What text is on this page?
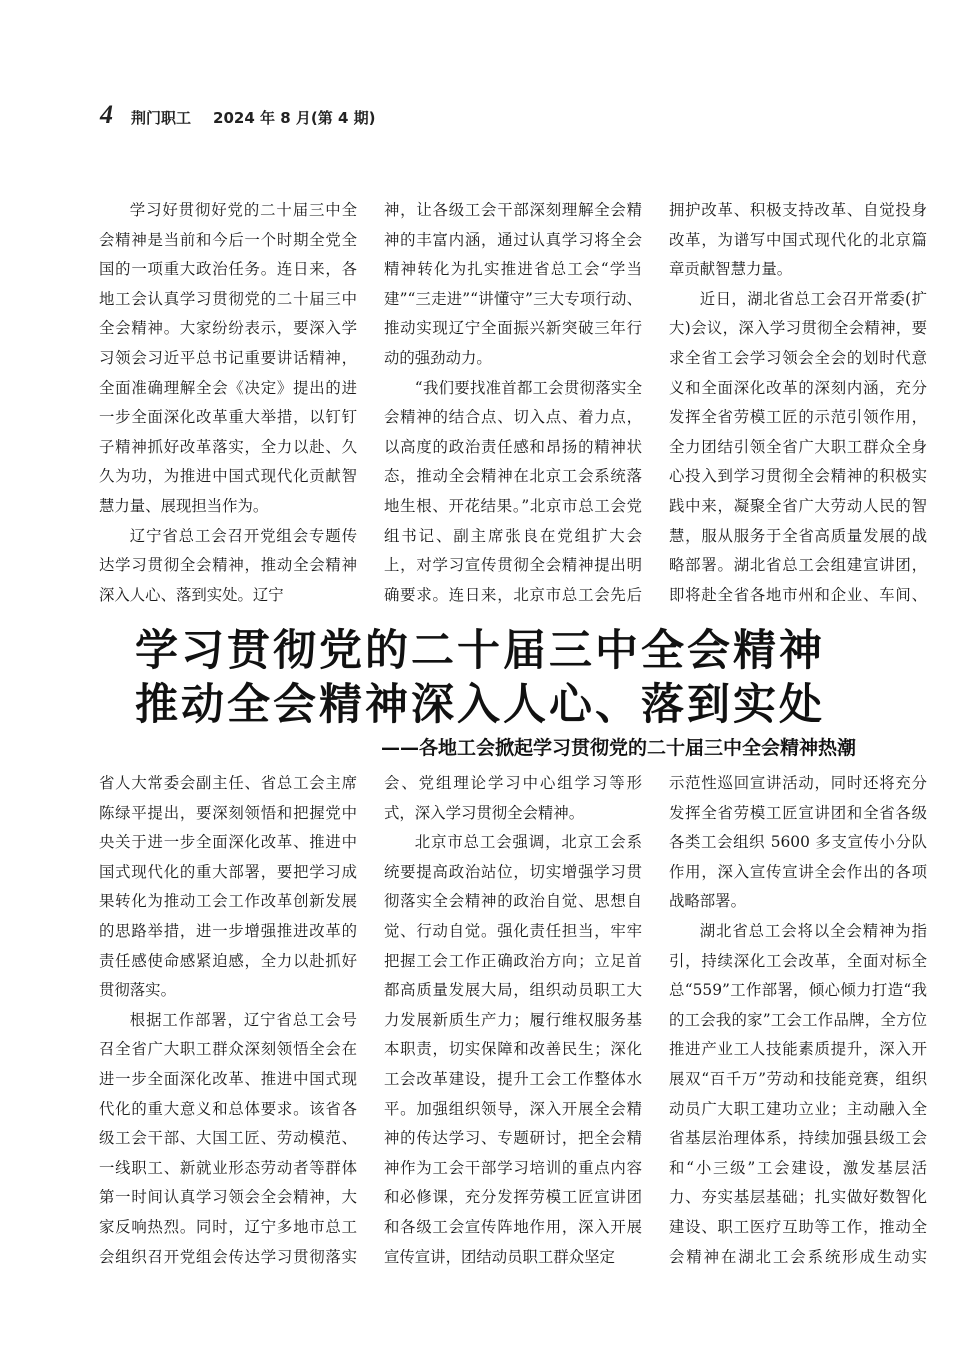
4 荆门职工 2024 年 8 月(第 4 期)

学习好贯彻好党的二十届三中全会精神是当前和今后一个时期全党全国的一项重大政治任务。连日来，各地工会认真学习贯彻党的二十届三中全会精神。大家纷纷表示，要深入学习领会习近平总书记重要讲话精神，全面准确理解全会《决定》提出的进一步全面深化改革重大举措，以钉钉子精神抓好改革落实，全力以赴、久久为功，为推进中国式现代化贡献智慧力量、展现担当作为。

辽宁省总工会召开党组会专题传达学习贯彻全会精神，推动全会精神深入人心、落到实处。辽宁

神，让各级工会干部深刻理解全会精神的丰富内涵，通过认真学习将全会精神转化为扎实推进省总工会“学当建”“三走进”“讲懂守”三大专项行动、推动实现辽宁全面振兴新突破三年行动的强劲动力。

“我们要找准首都工会贯彻落实全会精神的结合点、切入点、着力点，以高度的政治责任感和昂扬的精神状态，推动全会精神在北京工会系统落地生根、开花结果。”北京市总工会党组书记、副主席张良在党组扩大会上，对学习宣传贯彻全会精神提出明确要求。连日来，北京市总工会先后

拥护改革、积极支持改革、自觉投身改革，为谱写中国式现代化的北京篇章贡献智慧力量。

近日，湖北省总工会召开常委(扩大)会议，深入学习贯彻全会精神，要求全省工会学习领会全会的划时代意义和全面深化改革的深刻内涵，充分发挥全省劳模工匠的示范引领作用，全力团结引领全省广大职工群众全身心投入到学习贯彻全会精神的积极实践中来，凝聚全省广大劳动人民的智慧，服从服务于全省高质量发展的战略部署。湖北省总工会组建宣讲团，即将赴全省各地市州和企业、车间、

学习贯彻党的二十届三中全会精神
推动全会精神深入人心、落到实处
——各地工会掀起学习贯彻党的二十届三中全会精神热潮

省人大常委会副主任、省总工会主席陈绿平提出，要深刻领悟和把握党中央关于进一步全面深化改革、推进中国式现代化的重大部署，要把学习成果转化为推动工会工作改革创新发展的思路举措，进一步增强推进改革的责任感使命感紧迫感，全力以赴抓好贯彻落实。

根据工作部署，辽宁省总工会号召全省广大职工群众深刻领悟全会在进一步全面深化改革、推进中国式现代化的重大意义和总体要求。该省各级工会干部、大国工匠、劳动模范、一线职工、新就业形态劳动者等群体第一时间认真学习领会全会精神，大家反响热烈。同时，辽宁多地市总工会组织召开党组会传达学习贯彻落实

会、党组理论学习中心组学习等形式，深入学习贯彻全会精神。

北京市总工会强调，北京工会系统要提高政治站位，切实增强学习贯彻落实全会精神的政治自觉、思想自觉、行动自觉。强化责任担当，牢牢把握工会工作正确政治方向；立足首都高质量发展大局，组织动员职工大力发展新质生产力；履行维权服务基本职责，切实保障和改善民生；深化工会改革建设，提升工会工作整体水平。加强组织领导，深入开展全会精神的传达学习、专题研讨，把全会精神作为工会干部学习培训的重点内容和必修课，充分发挥劳模工匠宣讲团和各级工会宣传阵地作用，深入开展宣传宣讲，团结动员职工群众坚定

示范性巡回宣讲活动，同时还将充分发挥全省劳模工匠宣讲团和全省各级各类工会组织 5600 多支宣传小分队作用，深入宣传宣讲全会作出的各项战略部署。

湖北省总工会将以全会精神为指引，持续深化工会改革，全面对标全总“559”工作部署，倾心倾力打造“我的工会我的家”工会工作品牌，全方位推进产业工人技能素质提升，深入开展双“百千万”劳动和技能竞赛，组织动员广大职工建功立业；主动融入全省基层治理体系，持续加强县级工会和“小三级”工会建设，激发基层活力、夯实基层基础；扎实做好数智化建设、职工医疗互助等工作，推动全会精神在湖北工会系统形成生动实
